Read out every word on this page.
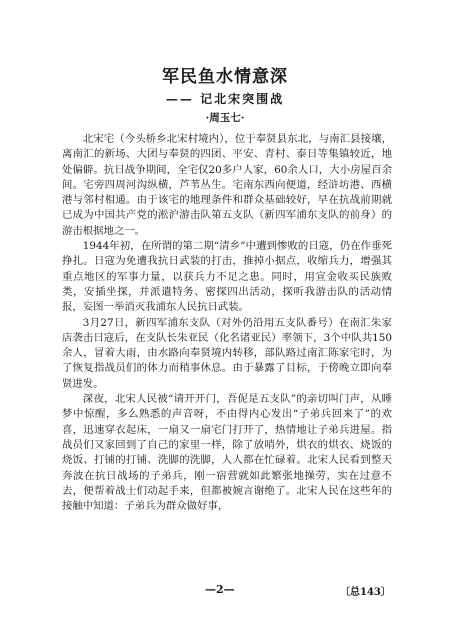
军民鱼水情意深
—— 记北宋突围战
·周玉七·

北宋宅（今头桥乡北宋村境内），位于奉贤县东北，与南汇县接壤，离南汇的新场、大团与奉贤的四团、平安、青村、泰日等集镇较近，地处偏僻。抗日战争期间，全宅仅20多户人家，60余人口，大小房屋百余间。宅旁四周河沟纵横，芦苇丛生。宅南东西向便道，经浒坊港、西横港与邻村相通。由于该宅的地理条件和群众基础较好，早在抗战前期就已成为中国共产党的淞沪游击队第五支队（新四军浦东支队的前身）的游击根据地之一。

1944年初，在所谓的第二期“清乡”中遭到惨败的日寇，仍在作垂死挣扎。日寇为免遭我抗日武装的打击，推掉小据点，收缩兵力，增强其重点地区的军事力量，以获兵力不足之患。同时，用宣金收买民族败类，安插坐探，并派遣特务、密探四出活动，探听我游击队的活动情报，妄图一举消灭我浦东人民抗日武装。

3月27日，新四军浦东支队（对外仍沿用五支队番号）在南汇朱家店袭击日寇后，在支队长朱亚民（化名诸亚民）率领下，3个中队共150余人，冒着大雨，由水路向奉贤境内转移，部队路过南汇陈家宅时，为了恢复指战员们的体力而稍事休息。由于暴露了目标，于傍晚立即向奉贤进发。

深夜，北宋人民被“请开开门，吾伲是五支队”的亲切叫门声，从睡梦中惊醒，多么熟悉的声音呀，不由得内心发出“子弟兵回来了”的欢喜，迅速穿衣起床，一扇又一扇宅门打开了，热情地让子弟兵进屋。指战员们又家回到了自己的家里一样，除了放哨外，烘衣的烘衣、烧饭的烧饭、打铺的打铺、洗脚的洗脚，人人都在忙碌着。北宋人民看到整天奔波在抗日战场的子弟兵，刚一宿营就如此繁张地操劳，实在过意不去，便帮着战士们动起手来，但都被婉言谢绝了。北宋人民在这些年的接触中知道：子弟兵为群众做好事，

—2—	〔总143〕
